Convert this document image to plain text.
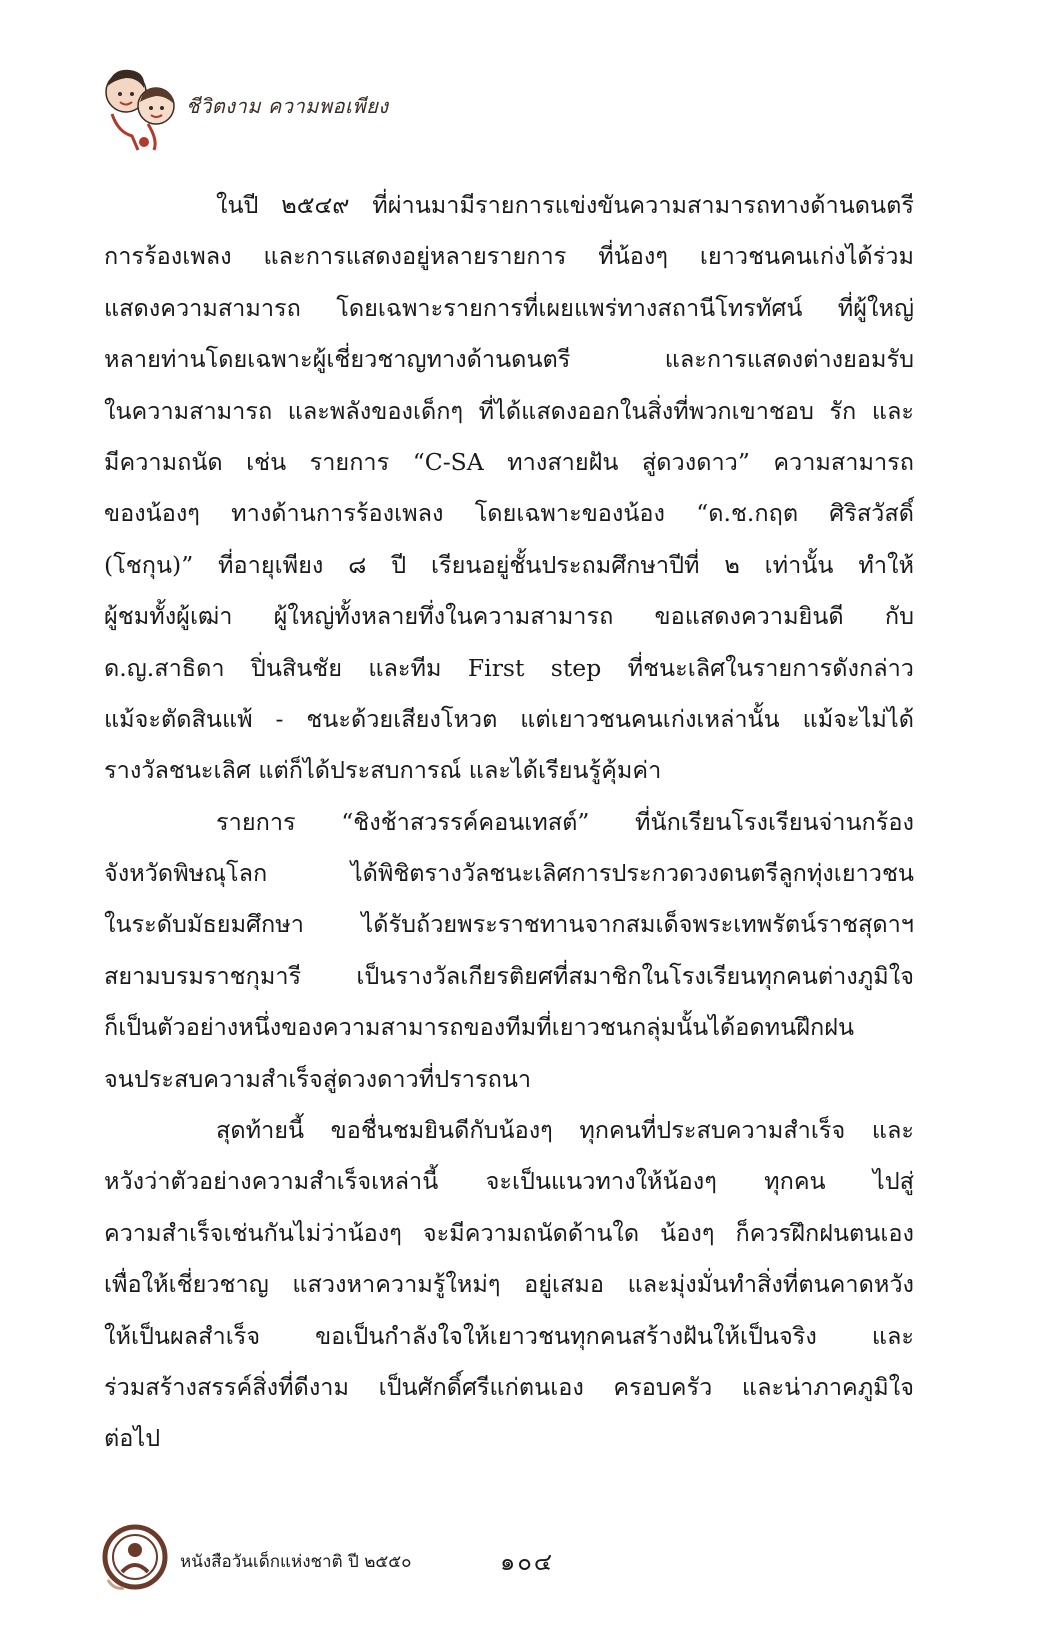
ชีวิตงาม ความพอเพียง
ในปี ๒๕๔๙ ที่ผ่านมามีรายการแข่งขันความสามารถทางด้านดนตรี
การร้องเพลง และการแสดงอยู่หลายรายการ ที่น้องๆ เยาวชนคนเก่งได้ร่วม
แสดงความสามารถ โดยเฉพาะรายการที่เผยแพร่ทางสถานีโทรทัศน์ ที่ผู้ใหญ่
หลายท่านโดยเฉพาะผู้เชี่ยวชาญทางด้านดนตรี และการแสดงต่างยอมรับ
ในความสามารถ และพลังของเด็กๆ ที่ได้แสดงออกในสิ่งที่พวกเขาชอบ รัก และ
มีความถนัด เช่น รายการ “C-SA ทางสายฝัน สู่ดวงดาว” ความสามารถ
ของน้องๆ ทางด้านการร้องเพลง โดยเฉพาะของน้อง “ด.ช.กฤต ศิริสวัสดิ์
(โชกุน)” ที่อายุเพียง ๘ ปี เรียนอยู่ชั้นประถมศึกษาปีที่ ๒ เท่านั้น ทำให้
ผู้ชมทั้งผู้เฒ่า ผู้ใหญ่ทั้งหลายทึ่งในความสามารถ ขอแสดงความยินดี กับ
ด.ญ.สาธิดา ปิ่นสินชัย และทีม First step ที่ชนะเลิศในรายการดังกล่าว
แม้จะตัดสินแพ้ - ชนะด้วยเสียงโหวต แต่เยาวชนคนเก่งเหล่านั้น แม้จะไม่ได้
รางวัลชนะเลิศ แต่ก็ได้ประสบการณ์ และได้เรียนรู้คุ้มค่า
รายการ “ชิงช้าสวรรค์คอนเทสต์” ที่นักเรียนโรงเรียนจ่านกร้อง
จังหวัดพิษณุโลก ได้พิชิตรางวัลชนะเลิศการประกวดวงดนตรีลูกทุ่งเยาวชน
ในระดับมัธยมศึกษา ได้รับถ้วยพระราชทานจากสมเด็จพระเทพรัตน์ราชสุดาฯ
สยามบรมราชกุมารี เป็นรางวัลเกียรติยศที่สมาชิกในโรงเรียนทุกคนต่างภูมิใจ
ก็เป็นตัวอย่างหนึ่งของความสามารถของทีมที่เยาวชนกลุ่มนั้นได้อดทนฝึกฝน
จนประสบความสำเร็จสู่ดวงดาวที่ปรารถนา
สุดท้ายนี้ ขอชื่นชมยินดีกับน้องๆ ทุกคนที่ประสบความสำเร็จ และ
หวังว่าตัวอย่างความสำเร็จเหล่านี้ จะเป็นแนวทางให้น้องๆ ทุกคน ไปสู่
ความสำเร็จเช่นกันไม่ว่าน้องๆ จะมีความถนัดด้านใด น้องๆ ก็ควรฝึกฝนตนเอง
เพื่อให้เชี่ยวชาญ แสวงหาความรู้ใหม่ๆ อยู่เสมอ และมุ่งมั่นทำสิ่งที่ตนคาดหวัง
ให้เป็นผลสำเร็จ ขอเป็นกำลังใจให้เยาวชนทุกคนสร้างฝันให้เป็นจริง และ
ร่วมสร้างสรรค์สิ่งที่ดีงาม เป็นศักดิ์ศรีแก่ตนเอง ครอบครัว และน่าภาคภูมิใจ
ต่อไป
หนังสือวันเด็กแห่งชาติ ปี ๒๕๕๐	๑๐๔
